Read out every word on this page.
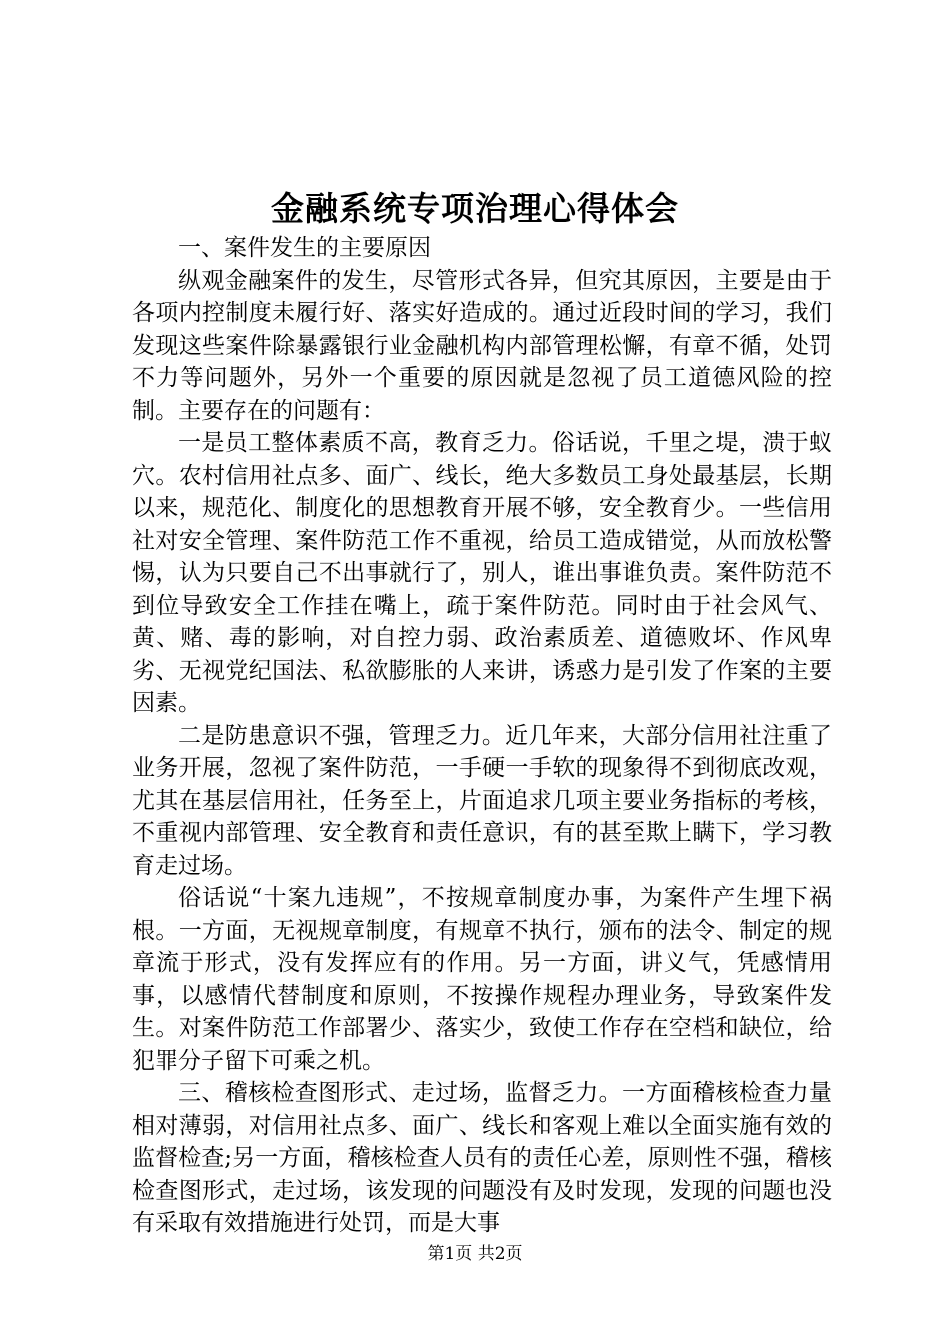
金融系统专项治理心得体会

一、案件发生的主要原因

纵观金融案件的发生，尽管形式各异，但究其原因，主要是由于各项内控制度未履行好、落实好造成的。通过近段时间的学习，我们发现这些案件除暴露银行业金融机构内部管理松懈，有章不循，处罚不力等问题外，另外一个重要的原因就是忽视了员工道德风险的控制。主要存在的问题有：

一是员工整体素质不高，教育乏力。俗话说，千里之堤，溃于蚁穴。农村信用社点多、面广、线长，绝大多数员工身处最基层，长期以来，规范化、制度化的思想教育开展不够，安全教育少。一些信用社对安全管理、案件防范工作不重视，给员工造成错觉，从而放松警惕，认为只要自己不出事就行了，别人，谁出事谁负责。案件防范不到位导致安全工作挂在嘴上，疏于案件防范。同时由于社会风气、黄、赌、毒的影响，对自控力弱、政治素质差、道德败坏、作风卑劣、无视党纪国法、私欲膨胀的人来讲，诱惑力是引发了作案的主要因素。

二是防患意识不强，管理乏力。近几年来，大部分信用社注重了业务开展，忽视了案件防范，一手硬一手软的现象得不到彻底改观，尤其在基层信用社，任务至上，片面追求几项主要业务指标的考核，不重视内部管理、安全教育和责任意识，有的甚至欺上瞒下，学习教育走过场。

俗话说“十案九违规”，不按规章制度办事，为案件产生埋下祸根。一方面，无视规章制度，有规章不执行，颁布的法令、制定的规章流于形式，没有发挥应有的作用。另一方面，讲义气，凭感情用事，以感情代替制度和原则，不按操作规程办理业务，导致案件发生。对案件防范工作部署少、落实少，致使工作存在空档和缺位，给犯罪分子留下可乘之机。

三、稽核检查图形式、走过场，监督乏力。一方面稽核检查力量相对薄弱，对信用社点多、面广、线长和客观上难以全面实施有效的监督检查;另一方面，稽核检查人员有的责任心差，原则性不强，稽核检查图形式，走过场，该发现的问题没有及时发现，发现的问题也没有采取有效措施进行处罚，而是大事

第1页 共2页
